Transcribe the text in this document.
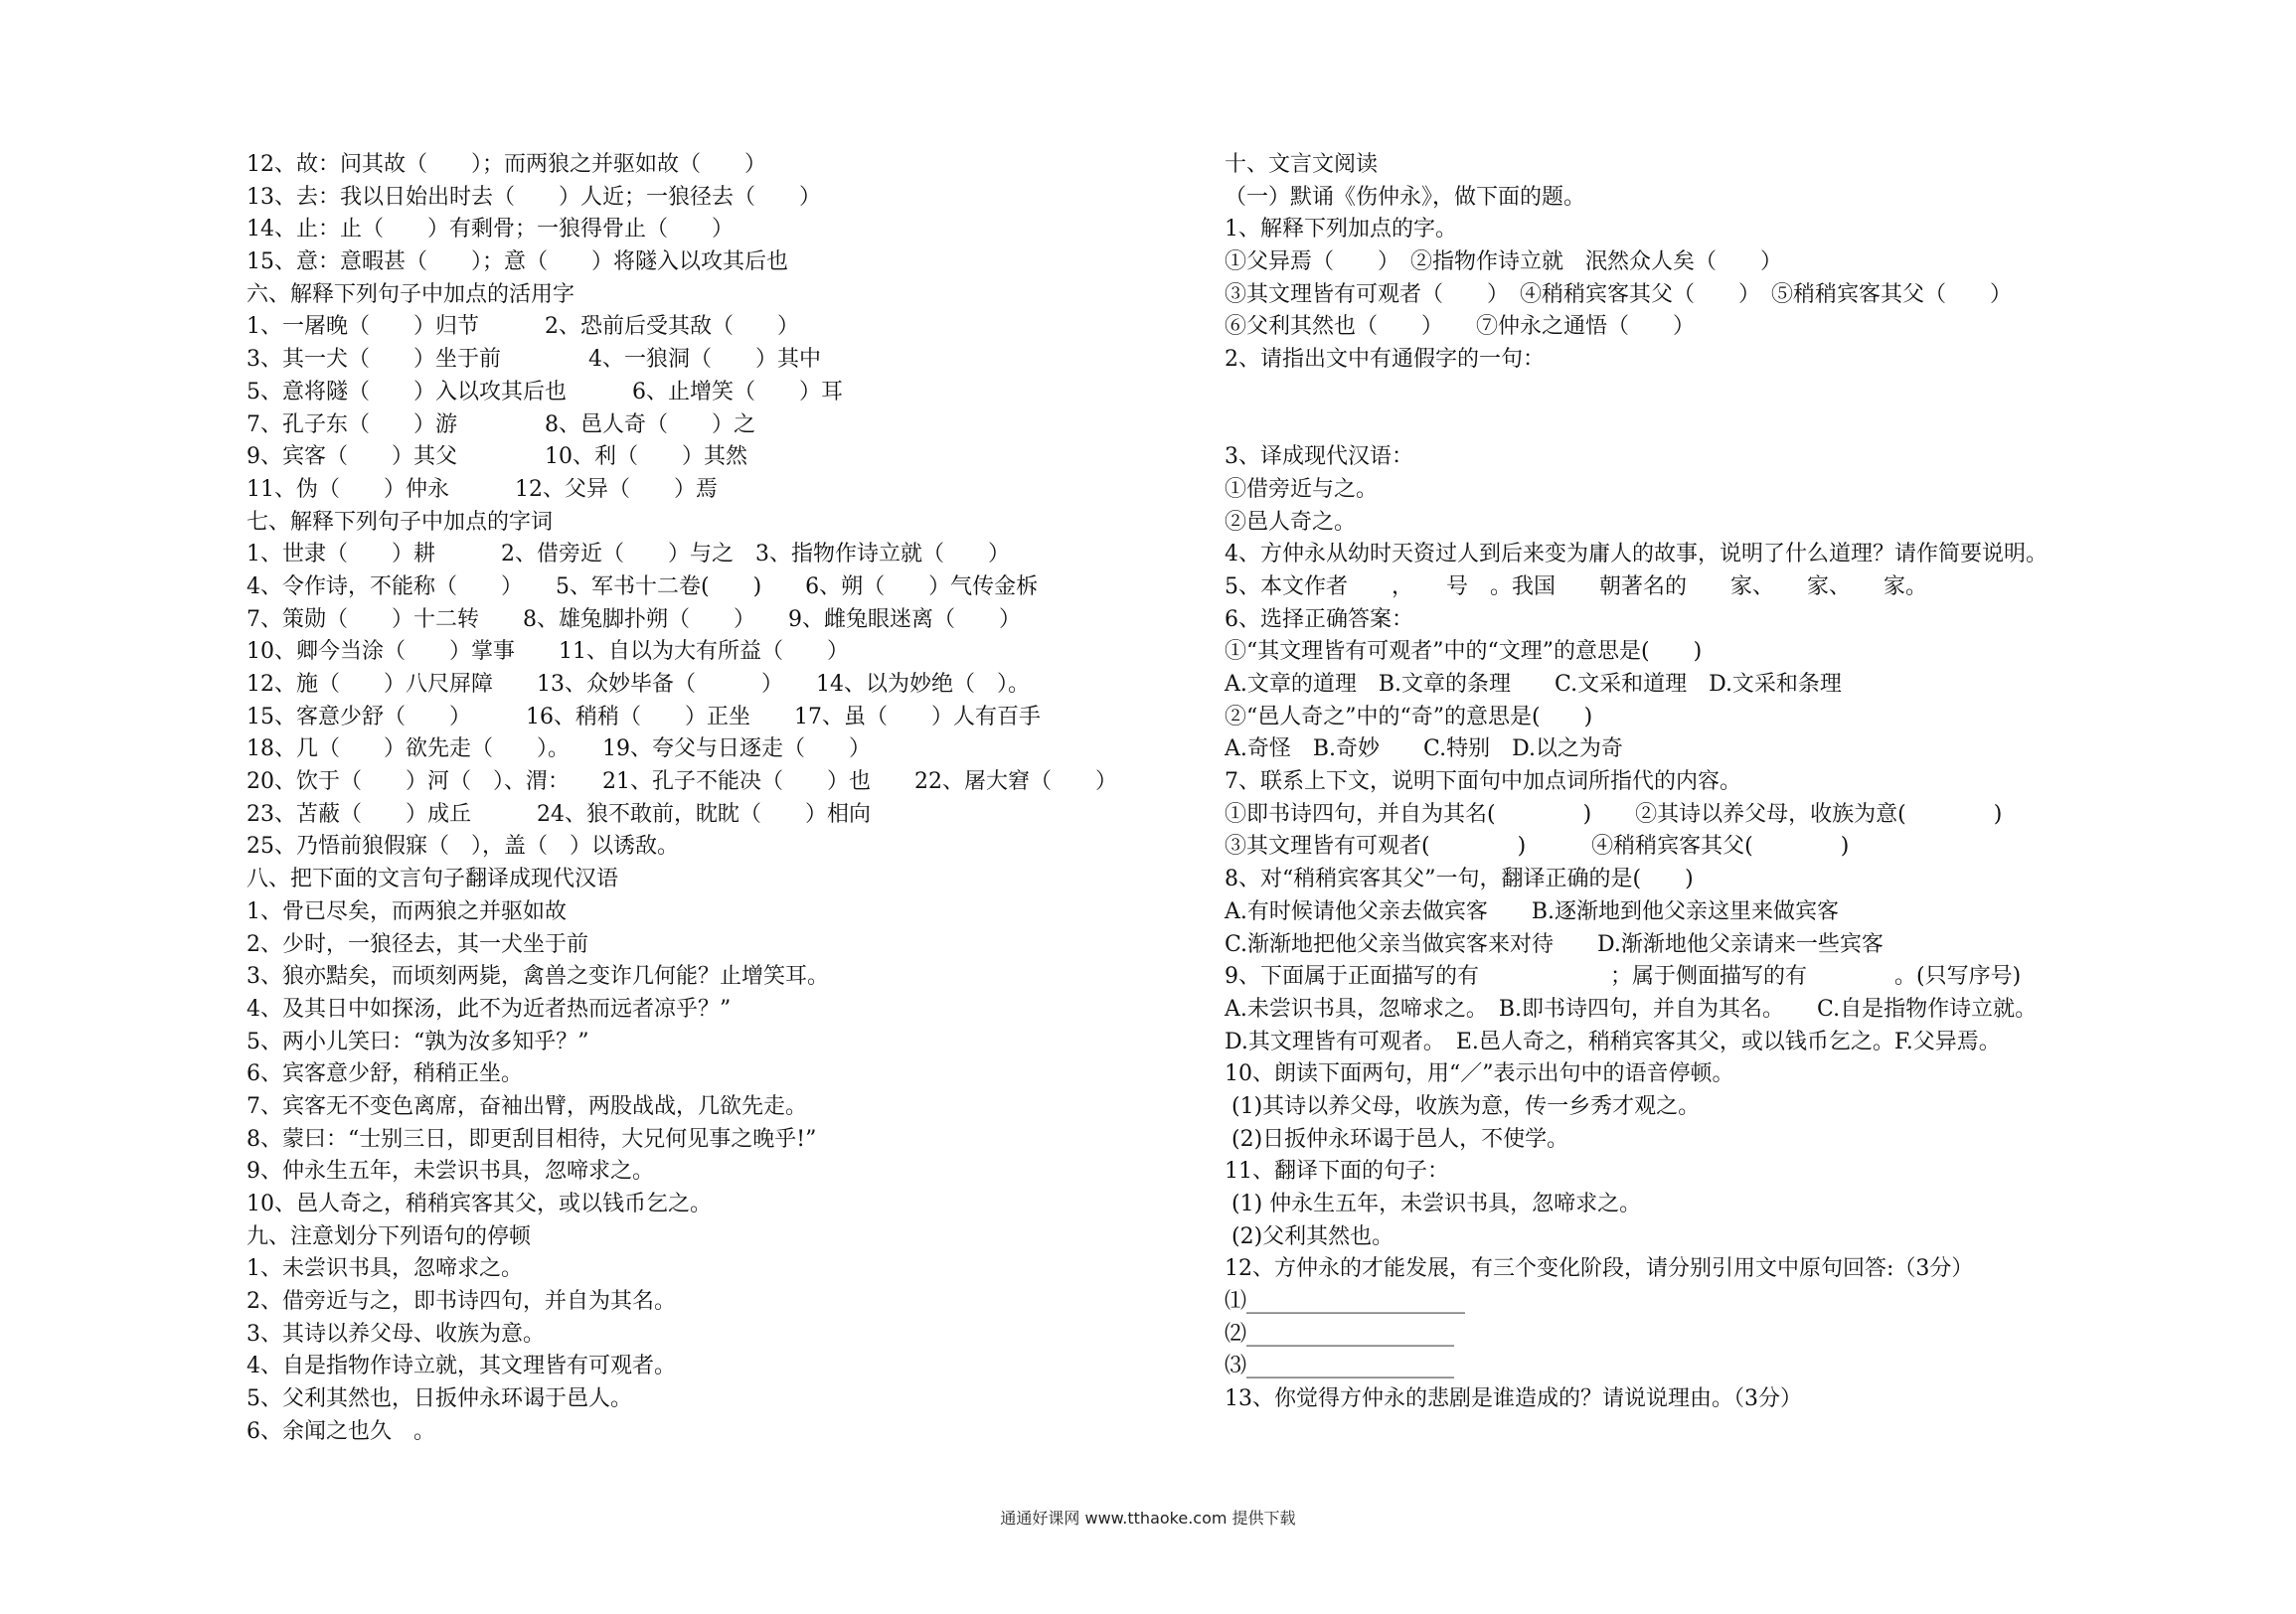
12、故：问其故（　　）；而两狼之并驱如故（　　）
13、去：我以日始出时去（　　）人近；一狼径去（　　）
14、止：止（　　）有剩骨；一狼得骨止（　　）
15、意：意暇甚（　　）；意（　　）将隧入以攻其后也
六、解释下列句子中加点的活用字
1、一屠晚（　　）归节　　　2、恐前后受其敌（　　）
3、其一犬（　　）坐于前　　　　4、一狼洞（　　）其中
5、意将隧（　　）入以攻其后也　　　6、止增笑（　　）耳
7、孔子东（　　）游　　　　8、邑人奇（　　）之
9、宾客（　　）其父　　　　10、利（　　）其然
11、伪（　　）仲永　　　12、父异（　　）焉
七、解释下列句子中加点的字词
1、世隶（　　）耕　　　2、借旁近（　　）与之　3、指物作诗立就（　　）
4、令作诗，不能称（　　）　　5、军书十二卷(　　)　　6、朔（　　）气传金柝
7、策勋（　　）十二转　　8、雄兔脚扑朔（　　）　　9、雌兔眼迷离（　　）
10、卿今当涂（　　）掌事　　11、自以为大有所益（　　）
12、施（　　）八尺屏障　　13、众妙毕备（　　　）　　14、以为妙绝（　）。
15、客意少舒（　　）　　　16、稍稍（　　）正坐　　17、虽（　　）人有百手
18、几（　　）欲先走（　　）。　　19、夸父与日逐走（　　）
20、饮于（　　）河（　）、渭：　　21、孔子不能决（　　）也　　22、屠大窘（　　）
23、苫蔽（　　）成丘　　　24、狼不敢前，眈眈（　　）相向
25、乃悟前狼假寐（　），盖（　）以诱敌。
八、把下面的文言句子翻译成现代汉语
1、骨已尽矣，而两狼之并驱如故
2、少时，一狼径去，其一犬坐于前
3、狼亦黠矣，而顷刻两毙，禽兽之变诈几何能？止增笑耳。
4、及其日中如探汤，此不为近者热而远者凉乎？”
5、两小儿笑曰：“孰为汝多知乎？”
6、宾客意少舒，稍稍正坐。
7、宾客无不变色离席，奋袖出臂，两股战战，几欲先走。
8、蒙曰：“士别三日，即更刮目相待，大兄何见事之晚乎!”
9、仲永生五年，未尝识书具，忽啼求之。
10、邑人奇之，稍稍宾客其父，或以钱币乞之。
九、注意划分下列语句的停顿
1、未尝识书具，忽啼求之。
2、借旁近与之，即书诗四句，并自为其名。
3、其诗以养父母、收族为意。
4、自是指物作诗立就，其文理皆有可观者。
5、父利其然也，日扳仲永环谒于邑人。
6、余闻之也久　。
十、文言文阅读
（一）默诵《伤仲永》，做下面的题。
1、解释下列加点的字。
①父异焉（　　）　②指物作诗立就　泯然众人矣（　　）
③其文理皆有可观者（　　）　④稍稍宾客其父（　　）　⑤稍稍宾客其父（　　）
⑥父利其然也（　　）　　⑦仲永之通悟（　　）
2、请指出文中有通假字的一句：
3、译成现代汉语：
①借旁近与之。
②邑人奇之。
4、方仲永从幼时天资过人到后来变为庸人的故事，说明了什么道理？请作简要说明。
5、本文作者　　，　　号　。我国　　朝著名的　　家、　　家、　　家。
6、选择正确答案：
①“其文理皆有可观者”中的“文理”的意思是(　　)
A.文章的道理　B.文章的条理　　C.文采和道理　D.文采和条理
②“邑人奇之”中的“奇”的意思是(　　)
A.奇怪　B.奇妙　　C.特别　D.以之为奇
7、联系上下文，说明下面句中加点词所指代的内容。
①即书诗四句，并自为其名(　　　　)　　②其诗以养父母，收族为意(　　　　)
③其文理皆有可观者(　　　　)　　　④稍稍宾客其父(　　　　)
8、对“稍稍宾客其父”一句，翻译正确的是(　　)
A.有时候请他父亲去做宾客　　B.逐渐地到他父亲这里来做宾客
C.渐渐地把他父亲当做宾客来对待　　D.渐渐地他父亲请来一些宾客
9、下面属于正面描写的有　　　　　　；属于侧面描写的有　　　　。(只写序号)
A.未尝识书具，忽啼求之。　B.即书诗四句，并自为其名。　　C.自是指物作诗立就。
D.其文理皆有可观者。　E.邑人奇之，稍稍宾客其父，或以钱币乞之。F.父异焉。
10、朗读下面两句，用“／”表示出句中的语音停顿。
(1)其诗以养父母，收族为意，传一乡秀才观之。
(2)日扳仲永环谒于邑人，不使学。
11、翻译下面的句子：
(1) 仲永生五年，未尝识书具，忽啼求之。
(2)父利其然也。
12、方仲永的才能发展，有三个变化阶段，请分别引用文中原句回答:（3分）
⑴____________________
⑵___________________
⑶___________________
13、你觉得方仲永的悲剧是谁造成的？请说说理由。（3分）
通通好课网 www.tthaoke.com 提供下载
